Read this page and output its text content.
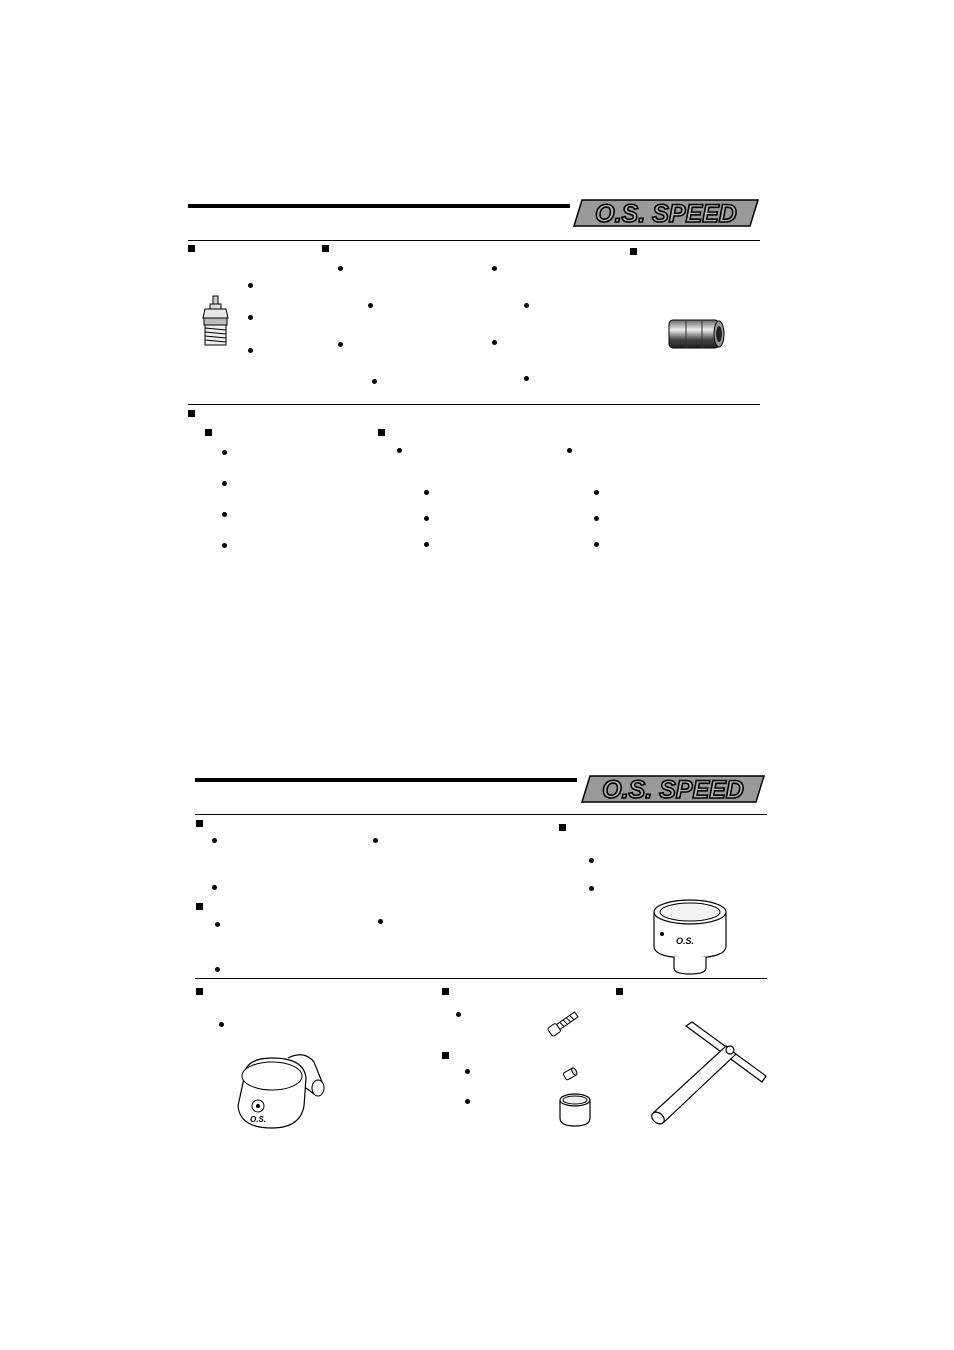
O.S. SPEED
O.S. SPEED
O.S.
O.S.
